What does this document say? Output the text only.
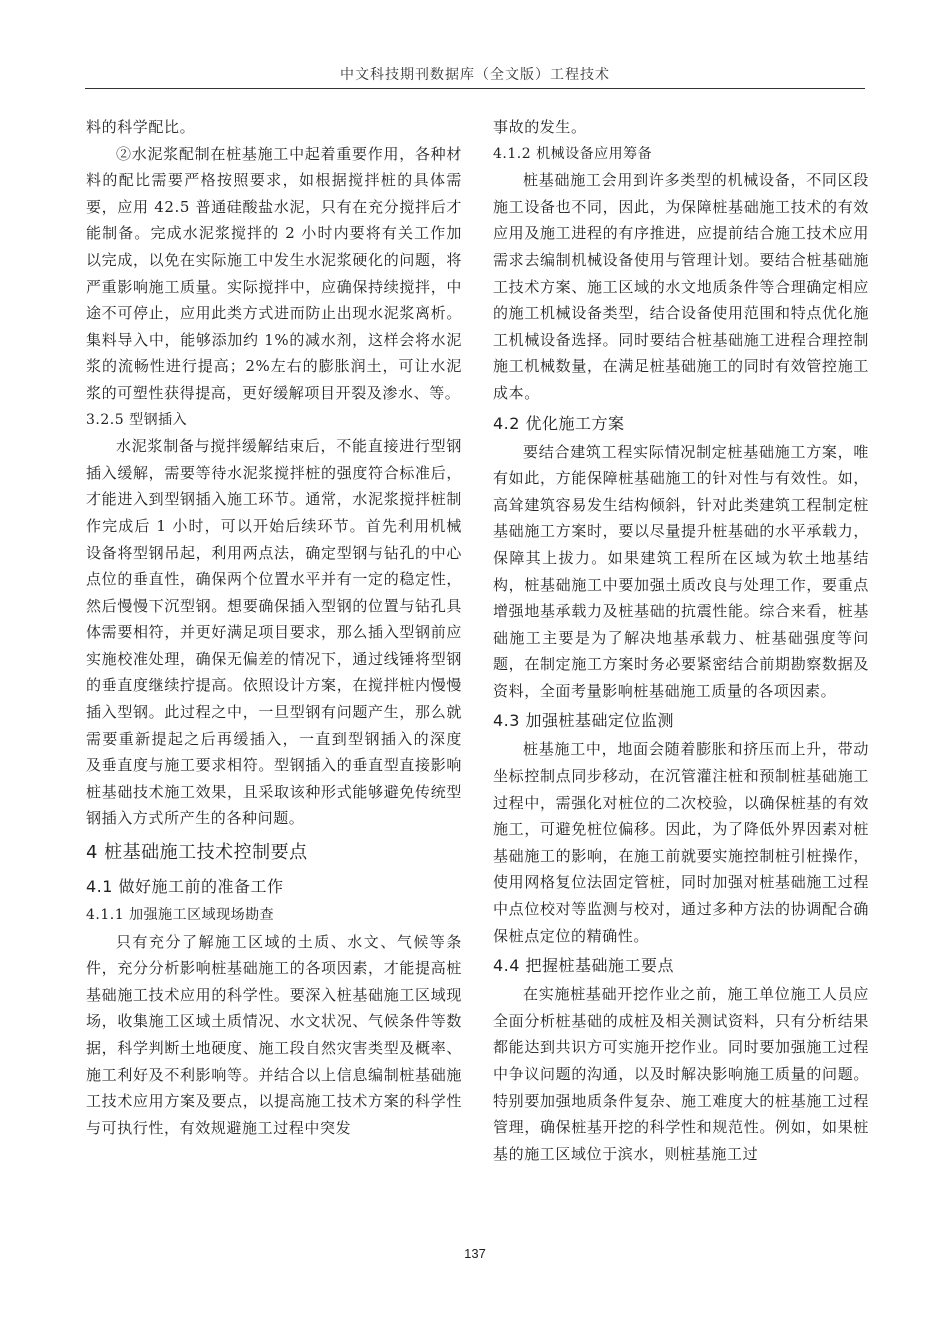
中文科技期刊数据库（全文版）工程技术

料的科学配比。

②水泥浆配制在桩基施工中起着重要作用，各种材料的配比需要严格按照要求，如根据搅拌桩的具体需要，应用 42.5 普通硅酸盐水泥，只有在充分搅拌后才能制备。完成水泥浆搅拌的 2 小时内要将有关工作加以完成，以免在实际施工中发生水泥浆硬化的问题，将严重影响施工质量。实际搅拌中，应确保持续搅拌，中途不可停止，应用此类方式进而防止出现水泥浆离析。集料导入中，能够添加约 1%的减水剂，这样会将水泥浆的流畅性进行提高；2%左右的膨胀润土，可让水泥浆的可塑性获得提高，更好缓解项目开裂及渗水、等。

3.2.5 型钢插入

水泥浆制备与搅拌缓解结束后，不能直接进行型钢插入缓解，需要等待水泥浆搅拌桩的强度符合标准后，才能进入到型钢插入施工环节。通常，水泥浆搅拌桩制作完成后 1 小时，可以开始后续环节。首先利用机械设备将型钢吊起，利用两点法，确定型钢与钻孔的中心点位的垂直性，确保两个位置水平并有一定的稳定性，然后慢慢下沉型钢。想要确保插入型钢的位置与钻孔具体需要相符，并更好满足项目要求，那么插入型钢前应实施校准处理，确保无偏差的情况下，通过线锤将型钢的垂直度继续拧提高。依照设计方案，在搅拌桩内慢慢插入型钢。此过程之中，一旦型钢有问题产生，那么就需要重新提起之后再缓插入，一直到型钢插入的深度 及垂直度与施工要求相符。型钢插入的垂直型直接影响桩基础技术施工效果，且采取该种形式能够避免传统型钢插入方式所产生的各种问题。

4 桩基础施工技术控制要点

4.1 做好施工前的准备工作

4.1.1 加强施工区域现场勘查

只有充分了解施工区域的土质、水文、气候等条件，充分分析影响桩基础施工的各项因素，才能提高桩基础施工技术应用的科学性。要深入桩基础施工区域现场，收集施工区域土质情况、水文状况、气候条件等数据，科学判断土地硬度、施工段自然灾害类型及概率、施工利好及不利影响等。并结合以上信息编制桩基础施工技术应用方案及要点，以提高施工技术方案的科学性与可执行性，有效规避施工过程中突发

事故的发生。

4.1.2 机械设备应用筹备

桩基础施工会用到许多类型的机械设备，不同区段施工设备也不同，因此，为保障桩基础施工技术的有效应用及施工进程的有序推进，应提前结合施工技术应用需求去编制机械设备使用与管理计划。要结合桩基础施工技术方案、施工区域的水文地质条件等合理确定相应的施工机械设备类型，结合设备使用范围和特点优化施工机械设备选择。同时要结合桩基础施工进程合理控制施工机械数量，在满足桩基础施工的同时有效管控施工成本。

4.2 优化施工方案

要结合建筑工程实际情况制定桩基础施工方案，唯有如此，方能保障桩基础施工的针对性与有效性。如，高耸建筑容易发生结构倾斜，针对此类建筑工程制定桩基础施工方案时，要以尽量提升桩基础的水平承载力，保障其上拔力。如果建筑工程所在区域为软土地基结构，桩基础施工中要加强土质改良与处理工作，要重点增强地基承载力及桩基础的抗震性能。综合来看，桩基础施工主要是为了解决地基承载力、桩基础强度等问题，在制定施工方案时务必要紧密结合前期勘察数据及资料，全面考量影响桩基础施工质量的各项因素。

4.3 加强桩基础定位监测

桩基施工中，地面会随着膨胀和挤压而上升，带动坐标控制点同步移动，在沉管灌注桩和预制桩基础施工过程中，需强化对桩位的二次校验，以确保桩基的有效施工，可避免桩位偏移。因此，为了降低外界因素对桩基础施工的影响，在施工前就要实施控制桩引桩操作，使用网格复位法固定管桩，同时加强对桩基础施工过程中点位校对等监测与校对，通过多种方法的协调配合确保桩点定位的精确性。

4.4 把握桩基础施工要点

在实施桩基础开挖作业之前，施工单位施工人员应全面分析桩基础的成桩及相关测试资料，只有分析结果都能达到共识方可实施开挖作业。同时要加强施工过程中争议问题的沟通，以及时解决影响施工质量的问题。特别要加强地质条件复杂、施工难度大的桩基施工过程管理，确保桩基开挖的科学性和规范性。例如，如果桩基的施工区域位于滨水，则桩基施工过

137
